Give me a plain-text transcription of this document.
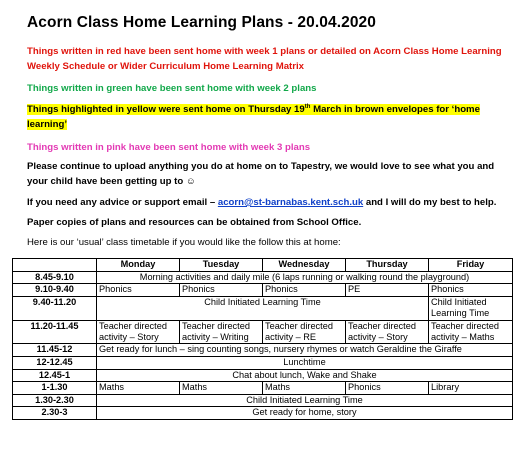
Acorn Class Home Learning Plans - 20.04.2020
Things written in red have been sent home with week 1 plans or detailed on Acorn Class Home Learning Weekly Schedule or Wider Curriculum Home Learning Matrix
Things written in green have been sent home with week 2 plans
Things highlighted in yellow were sent home on Thursday 19th March in brown envelopes for ‘home learning’
Things written in pink have been sent home with week 3 plans
Please continue to upload anything you do at home on to Tapestry, we would love to see what you and your child have been getting up to ☺
If you need any advice or support email – acorn@st-barnabas.kent.sch.uk and I will do my best to help.
Paper copies of plans and resources can be obtained from School Office.
Here is our ‘usual’ class timetable if you would like the follow this at home:
	Monday	Tuesday	Wednesday	Thursday	Friday
8.45-9.10	Morning activities and daily mile (6 laps running or walking round the playground)				
9.10-9.40	Phonics	Phonics	Phonics	PE	Phonics
9.40-11.20	Child Initiated Learning Time				Child Initiated Learning Time
11.20-11.45	Teacher directed activity – Story	Teacher directed activity – Writing	Teacher directed activity – RE	Teacher directed activity – Story	Teacher directed activity – Maths
11.45-12	Get ready for lunch – sing counting songs, nursery rhymes or watch Geraldine the Giraffe				
12-12.45	Lunchtime				
12.45-1	Chat about lunch, Wake and Shake				
1-1.30	Maths	Maths	Maths	Phonics	Library
1.30-2.30	Child Initiated Learning Time				
2.30-3	Get ready for home, story				
